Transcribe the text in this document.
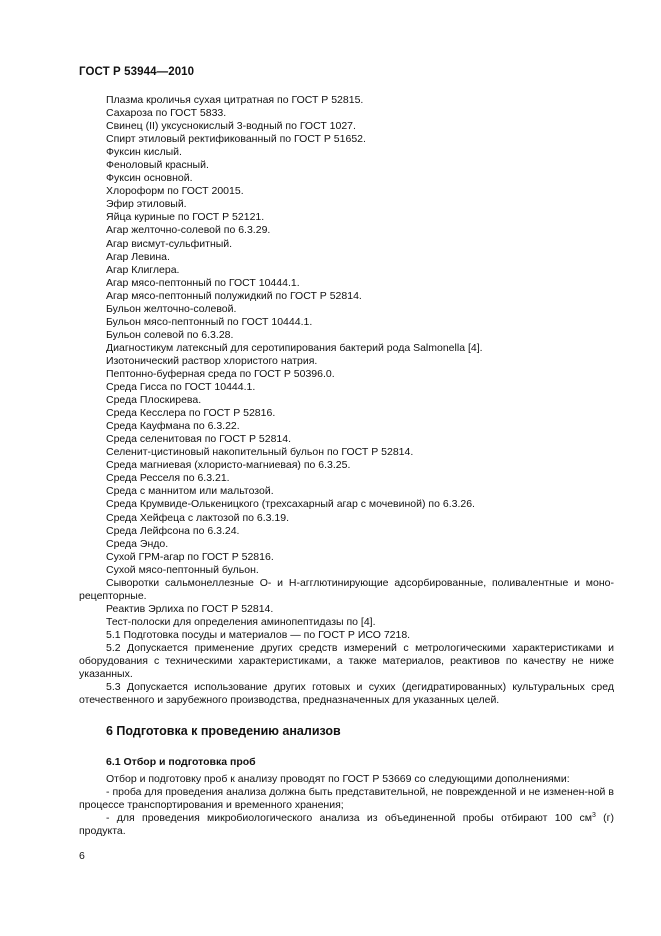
ГОСТ Р 53944—2010
Плазма кроличья сухая цитратная по ГОСТ Р 52815.
Сахароза по ГОСТ 5833.
Свинец (II) уксуснокислый 3-водный по ГОСТ 1027.
Спирт этиловый ректификованный по ГОСТ Р 51652.
Фуксин кислый.
Феноловый красный.
Фуксин основной.
Хлороформ по ГОСТ 20015.
Эфир этиловый.
Яйца куриные по ГОСТ Р 52121.
Агар желточно-солевой по 6.3.29.
Агар висмут-сульфитный.
Агар Левина.
Агар Клиглера.
Агар мясо-пептонный по ГОСТ 10444.1.
Агар мясо-пептонный полужидкий по ГОСТ Р 52814.
Бульон желточно-солевой.
Бульон мясо-пептонный по ГОСТ 10444.1.
Бульон солевой по 6.3.28.
Диагностикум латексный для серотипирования бактерий рода Salmonella [4].
Изотонический раствор хлористого натрия.
Пептонно-буферная среда по ГОСТ Р 50396.0.
Среда Гисса по ГОСТ 10444.1.
Среда Плоскирева.
Среда Кесслера по ГОСТ Р 52816.
Среда Кауфмана по 6.3.22.
Среда селенитовая по ГОСТ Р 52814.
Селенит-цистиновый накопительный бульон по ГОСТ Р 52814.
Среда магниевая (хлористо-магниевая) по 6.3.25.
Среда Ресселя по 6.3.21.
Среда с маннитом или мальтозой.
Среда Крумвиде-Олькеницкого (трехсахарный агар с мочевиной) по 6.3.26.
Среда Хейфеца с лактозой по 6.3.19.
Среда Лейфсона по 6.3.24.
Среда Эндо.
Сухой ГРМ-агар по ГОСТ Р 52816.
Сухой мясо-пептонный бульон.
Сыворотки сальмонеллезные О- и Н-агглютинирующие адсорбированные, поливалентные и моно-рецепторные.
Реактив Эрлиха по ГОСТ Р 52814.
Тест-полоски для определения аминопептидазы по [4].
5.1 Подготовка посуды и материалов — по ГОСТ Р ИСО 7218.
5.2 Допускается применение других средств измерений с метрологическими характеристиками и оборудования с техническими характеристиками, а также материалов, реактивов по качеству не ниже указанных.
5.3 Допускается использование других готовых и сухих (дегидратированных) культуральных сред отечественного и зарубежного производства, предназначенных для указанных целей.
6 Подготовка к проведению анализов
6.1 Отбор и подготовка проб
Отбор и подготовку проб к анализу проводят по ГОСТ Р 53669 со следующими дополнениями:
- проба для проведения анализа должна быть представительной, не поврежденной и не изменен-ной в процессе транспортирования и временного хранения;
- для проведения микробиологического анализа из объединенной пробы отбирают 100 $см^3$ (г) продукта.
6
